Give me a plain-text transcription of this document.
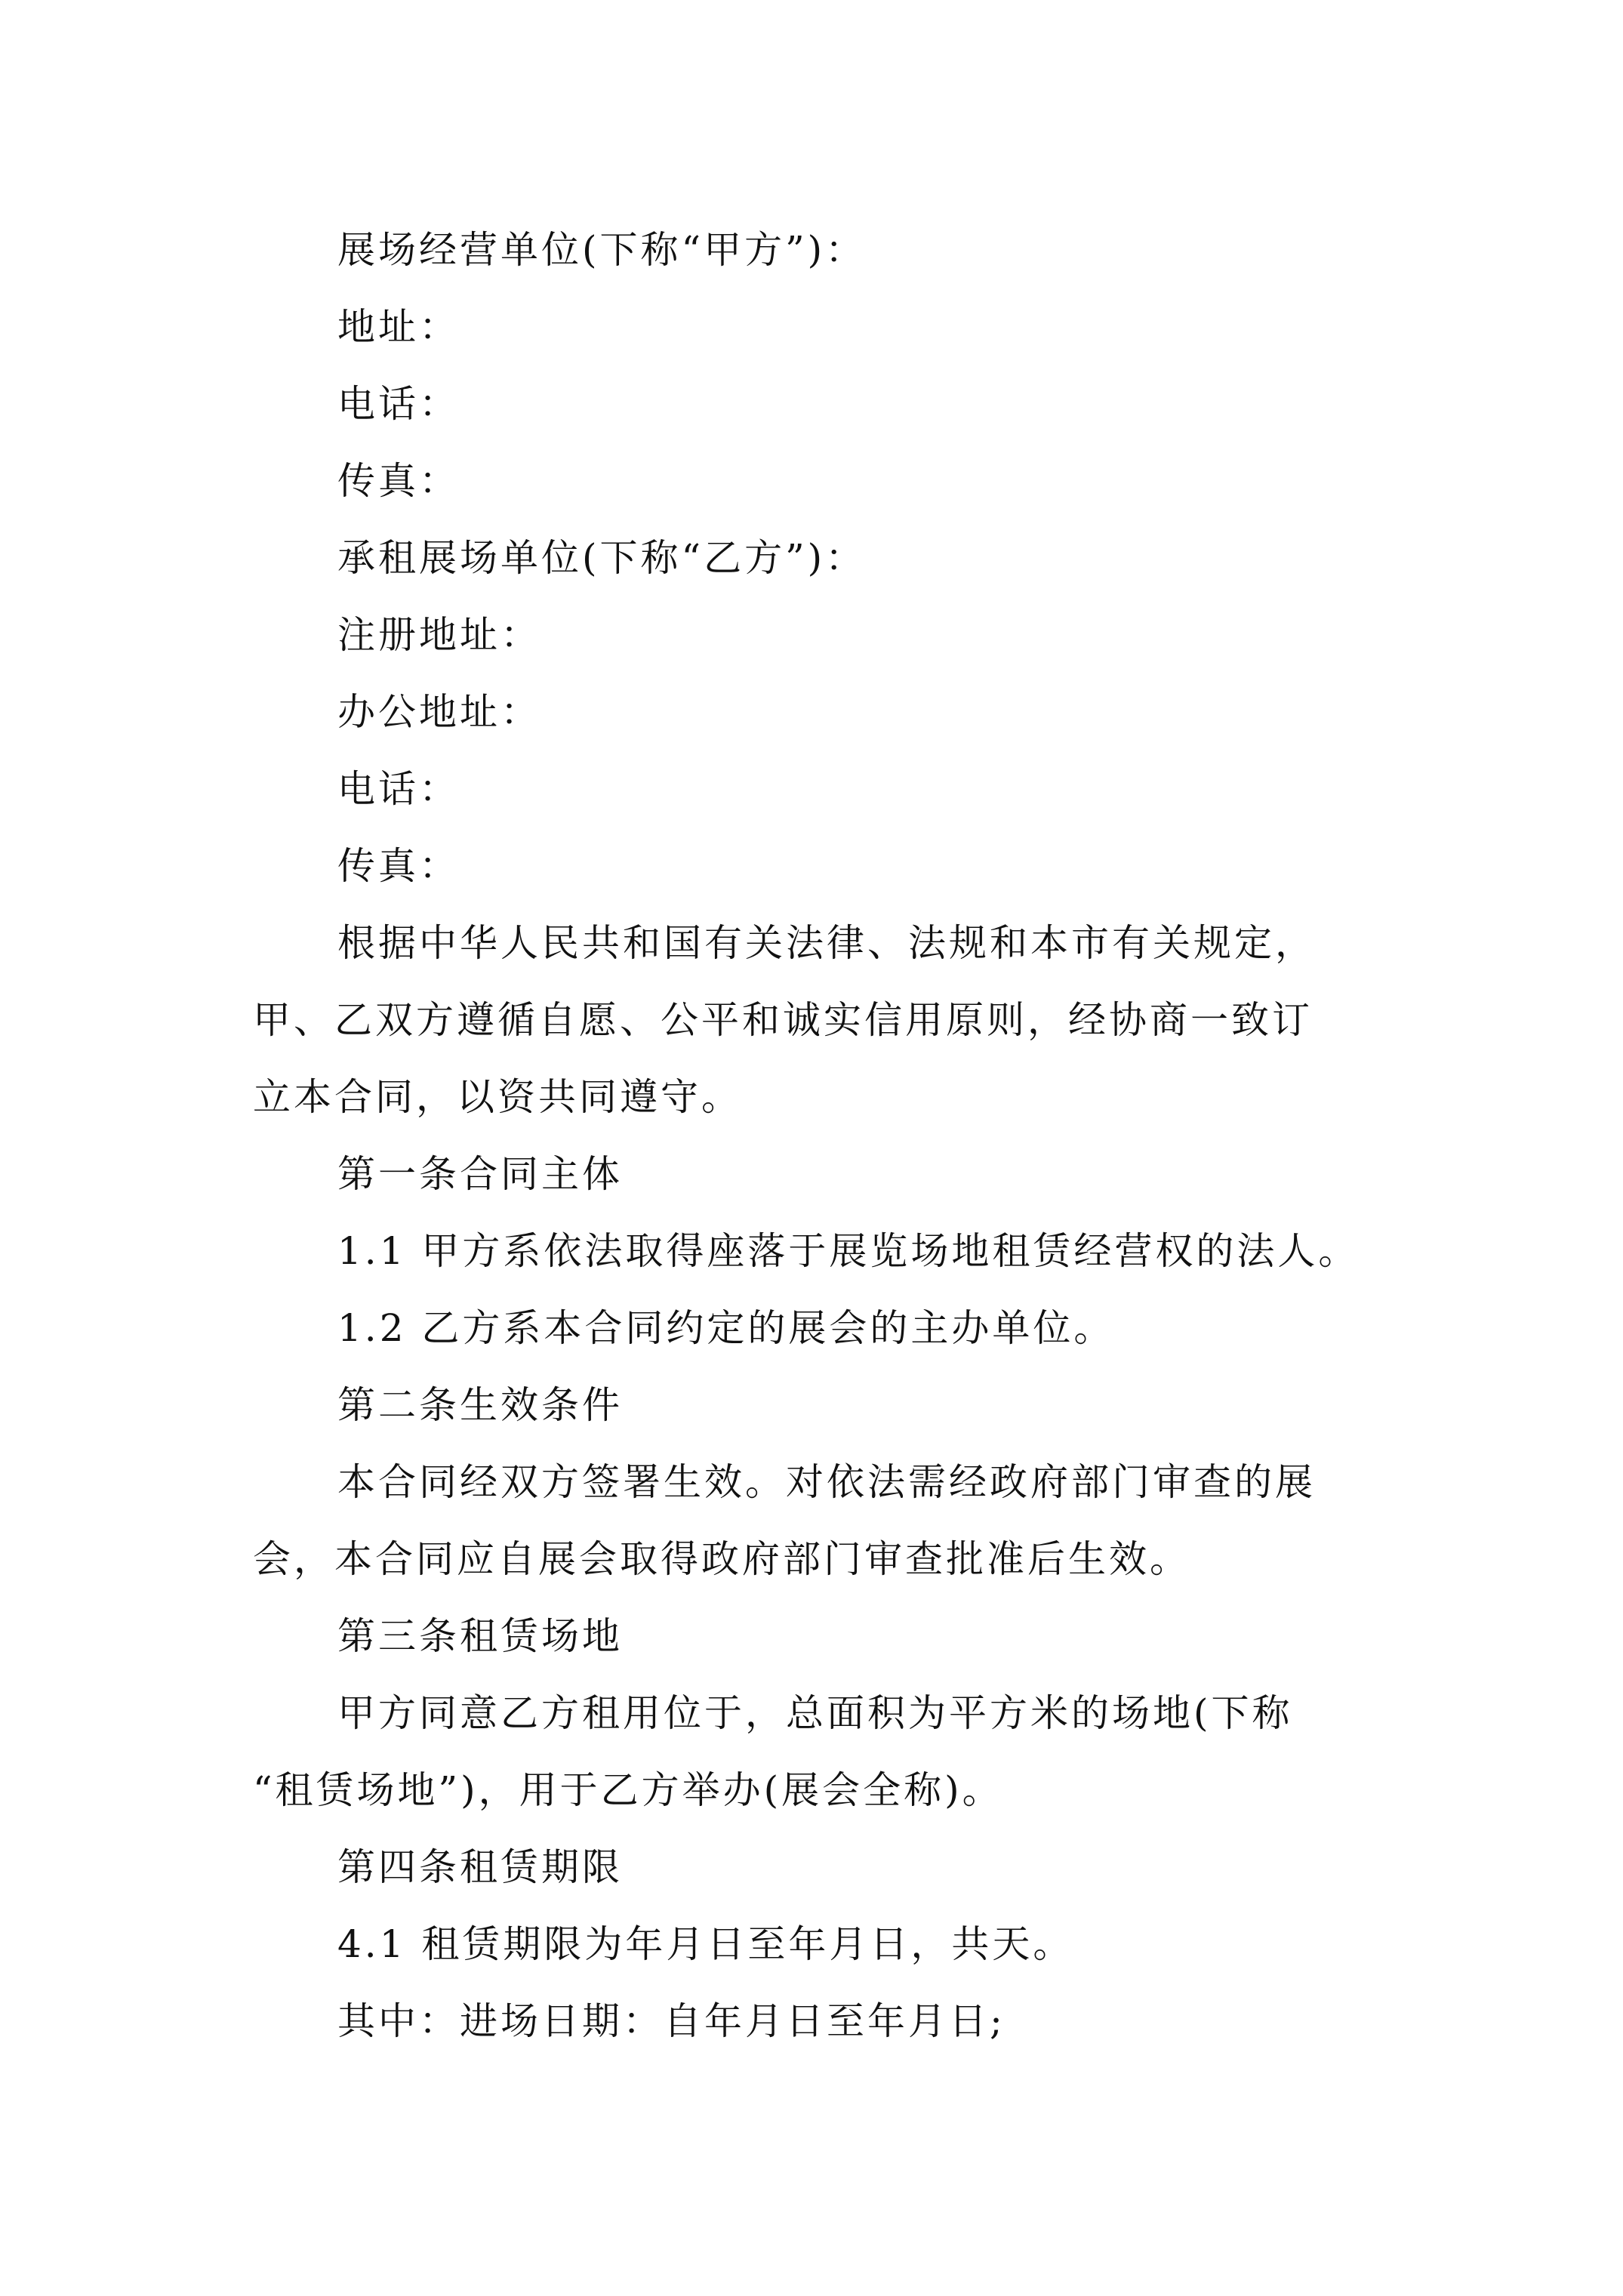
展场经营单位(下称“甲方”)：
地址：
电话：
传真：
承租展场单位(下称“乙方”)：
注册地址：
办公地址：
电话：
传真：
根据中华人民共和国有关法律、法规和本市有关规定，
甲、乙双方遵循自愿、公平和诚实信用原则，经协商一致订
立本合同，以资共同遵守。
第一条合同主体
1.1 甲方系依法取得座落于展览场地租赁经营权的法人。
1.2 乙方系本合同约定的展会的主办单位。
第二条生效条件
本合同经双方签署生效。对依法需经政府部门审查的展
会，本合同应自展会取得政府部门审查批准后生效。
第三条租赁场地
甲方同意乙方租用位于，总面积为平方米的场地(下称
“租赁场地”)，用于乙方举办(展会全称)。
第四条租赁期限
4.1 租赁期限为年月日至年月日，共天。
其中：进场日期：自年月日至年月日;
